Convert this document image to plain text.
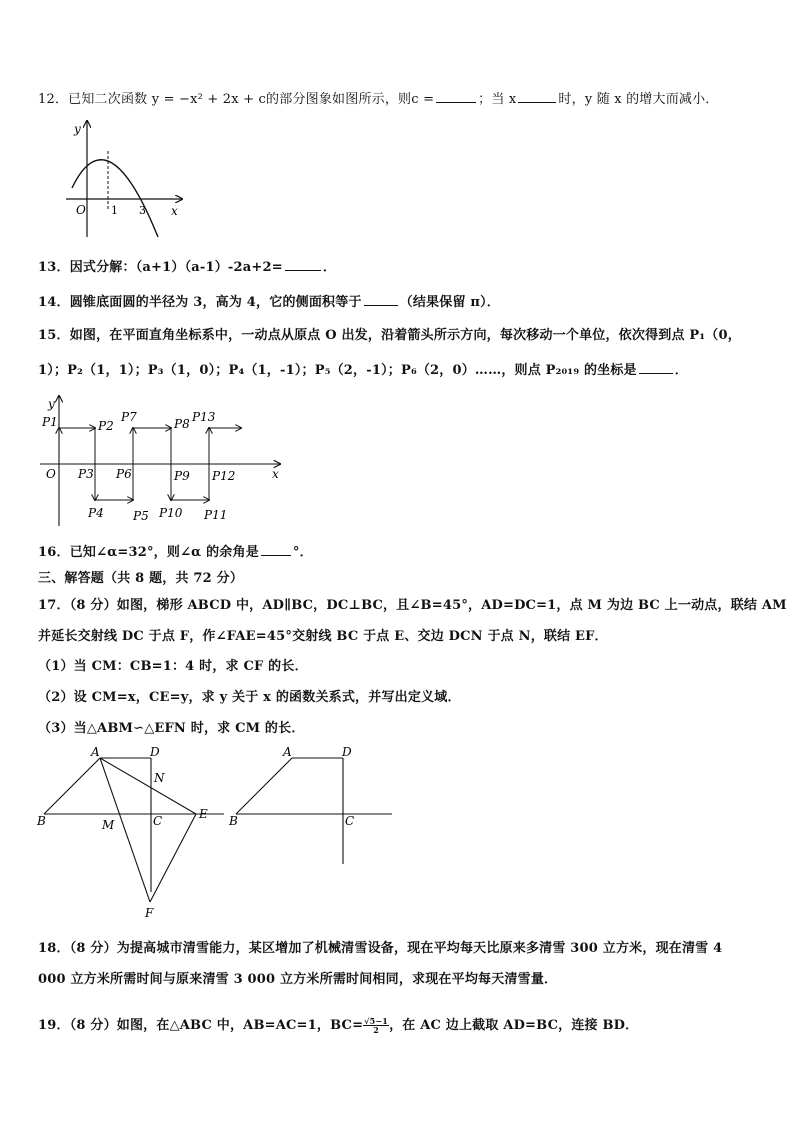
12．已知二次函数 y = −x² + 2x + c的部分图象如图所示，则c =	；当 x	时，y 随 x 的增大而减小．
y
x
O 1 3
13．因式分解：（a+1）（a-1）-2a+2=	．
14．圆锥底面圆的半径为 3，高为 4，它的侧面积等于	（结果保留 π）．
15．如图，在平面直角坐标系中，一动点从原点 O 出发，沿着箭头所示方向，每次移动一个单位，依次得到点 P₁（0，
1）；P₂（1，1）；P₃（1，0）；P₄（1，-1）；P₅（2，-1）；P₆（2，0）……，则点 P₂₀₁₉ 的坐标是	．
y
x
O
P1	P2
P3
P4 P5
P6
P7	P8
P9
P10 P11
P12
P13
16．已知∠α=32°，则∠α 的余角是	°．
三、解答题（共 8 题，共 72 分）
17．（8 分）如图，梯形 ABCD 中，AD∥BC，DC⊥BC，且∠B=45°，AD=DC=1，点 M 为边 BC 上一动点，联结 AM
并延长交射线 DC 于点 F，作∠FAE=45°交射线 BC 于点 E、交边 DCN 于点 N，联结 EF．
（1）当 CM：CB=1：4 时，求 CF 的长．
（2）设 CM=x，CE=y，求 y 关于 x 的函数关系式，并写出定义域．
（3）当△ABM∽△EFN 时，求 CM 的长．
A	D
N
B	M	C	E
F
A	D
B	C
18．（8 分）为提高城市清雪能力，某区增加了机械清雪设备，现在平均每天比原来多清雪 300 立方米，现在清雪 4
000 立方米所需时间与原来清雪 3 000 立方米所需时间相同，求现在平均每天清雪量．
19．（8 分）如图，在△ABC 中，AB=AC=1，$BC= \frac{√5-1}{2}$ ，在 AC 边上截取 AD=BC，连接 BD．
